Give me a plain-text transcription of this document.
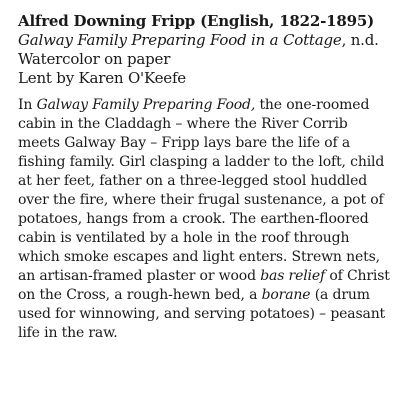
Alfred Downing Fripp (English, 1822-1895)
Galway Family Preparing Food in a Cottage, n.d.
Watercolor on paper
Lent by Karen O'Keefe
In Galway Family Preparing Food, the one-roomed
cabin in the Claddagh – where the River Corrib
meets Galway Bay – Fripp lays bare the life of a
fishing family. Girl clasping a ladder to the loft, child
at her feet, father on a three-legged stool huddled
over the fire, where their frugal sustenance, a pot of
potatoes, hangs from a crook. The earthen-floored
cabin is ventilated by a hole in the roof through
which smoke escapes and light enters. Strewn nets,
an artisan-framed plaster or wood bas relief of Christ
on the Cross, a rough-hewn bed, a borane (a drum
used for winnowing, and serving potatoes) – peasant
life in the raw.
